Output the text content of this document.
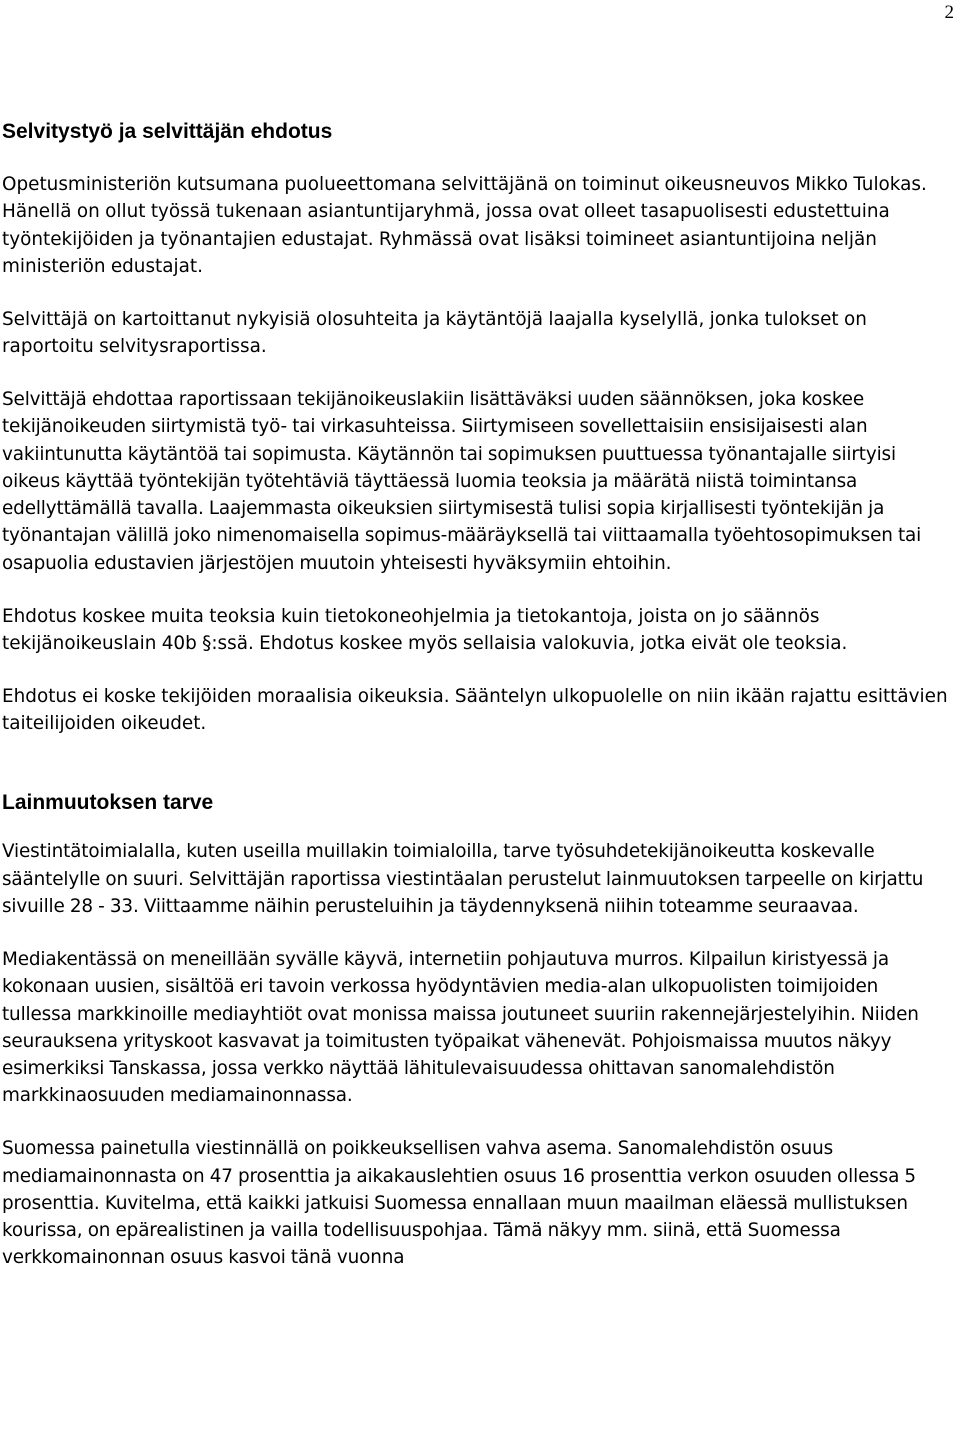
2
Selvitystyö ja selvittäjän ehdotus

Opetusministeriön kutsumana puolueettomana selvittäjänä on toiminut oikeusneuvos Mikko Tulokas. Hänellä on ollut työssä tukenaan asiantuntijaryhmä, jossa ovat olleet tasapuolisesti edustettuina työntekijöiden ja työnantajien edustajat. Ryhmässä ovat lisäksi toimineet asiantuntijoina neljän ministeriön edustajat.

Selvittäjä on kartoittanut nykyisiä olosuhteita ja käytäntöjä laajalla kyselyllä, jonka tulokset on raportoitu selvitysraportissa.

Selvittäjä ehdottaa raportissaan tekijänoikeuslakiin lisättäväksi uuden säännöksen, joka koskee tekijänoikeuden siirtymistä työ- tai virkasuhteissa. Siirtymiseen sovellettaisiin ensisijaisesti alan vakiintunutta käytäntöä tai sopimusta. Käytännön tai sopimuksen puuttuessa työnantajalle siirtyisi oikeus käyttää työntekijän työtehtäviä täyttäessä luomia teoksia ja määrätä niistä toimintansa edellyttämällä tavalla. Laajemmasta oikeuksien siirtymisestä tulisi sopia kirjallisesti työntekijän ja työnantajan välillä joko nimenomaisella sopimus-määräyksellä tai viittaamalla työehtosopimuksen tai osapuolia edustavien järjestöjen muutoin yhteisesti hyväksymiin ehtoihin.

Ehdotus koskee muita teoksia kuin tietokoneohjelmia ja tietokantoja, joista on jo säännös tekijänoikeuslain 40b §:ssä. Ehdotus koskee myös sellaisia valokuvia, jotka eivät ole teoksia.

Ehdotus ei koske tekijöiden moraalisia oikeuksia. Sääntelyn ulkopuolelle on niin ikään rajattu esittävien taiteilijoiden oikeudet.

Lainmuutoksen tarve

Viestintätoimialalla, kuten useilla muillakin toimialoilla, tarve työsuhdetekijänoikeutta koskevalle sääntelylle on suuri. Selvittäjän raportissa viestintäalan perustelut lainmuutoksen tarpeelle on kirjattu sivuille 28 - 33. Viittaamme näihin perusteluihin ja täydennyksenä niihin toteamme seuraavaa.

Mediakentässä on meneillään syvälle käyvä, internetiin pohjautuva murros. Kilpailun kiristyessä ja kokonaan uusien, sisältöä eri tavoin verkossa hyödyntävien media-alan ulkopuolisten toimijoiden tullessa markkinoille mediayhtiöt ovat monissa maissa joutuneet suuriin rakennejärjestelyihin. Niiden seurauksena yrityskoot kasvavat ja toimitusten työpaikat vähenevät. Pohjoismaissa muutos näkyy esimerkiksi Tanskassa, jossa verkko näyttää lähitulevaisuudessa ohittavan sanomalehdistön markkinaosuuden mediamainonnassa.

Suomessa painetulla viestinnällä on poikkeuksellisen vahva asema. Sanomalehdistön osuus mediamainonnasta on 47 prosenttia ja aikakauslehtien osuus 16 prosenttia verkon osuuden ollessa 5 prosenttia. Kuvitelma, että kaikki jatkuisi Suomessa ennallaan muun maailman eläessä mullistuksen kourissa, on epärealistinen ja vailla todellisuuspohjaa. Tämä näkyy mm. siinä, että Suomessa verkkomainonnan osuus kasvoi tänä vuonna
